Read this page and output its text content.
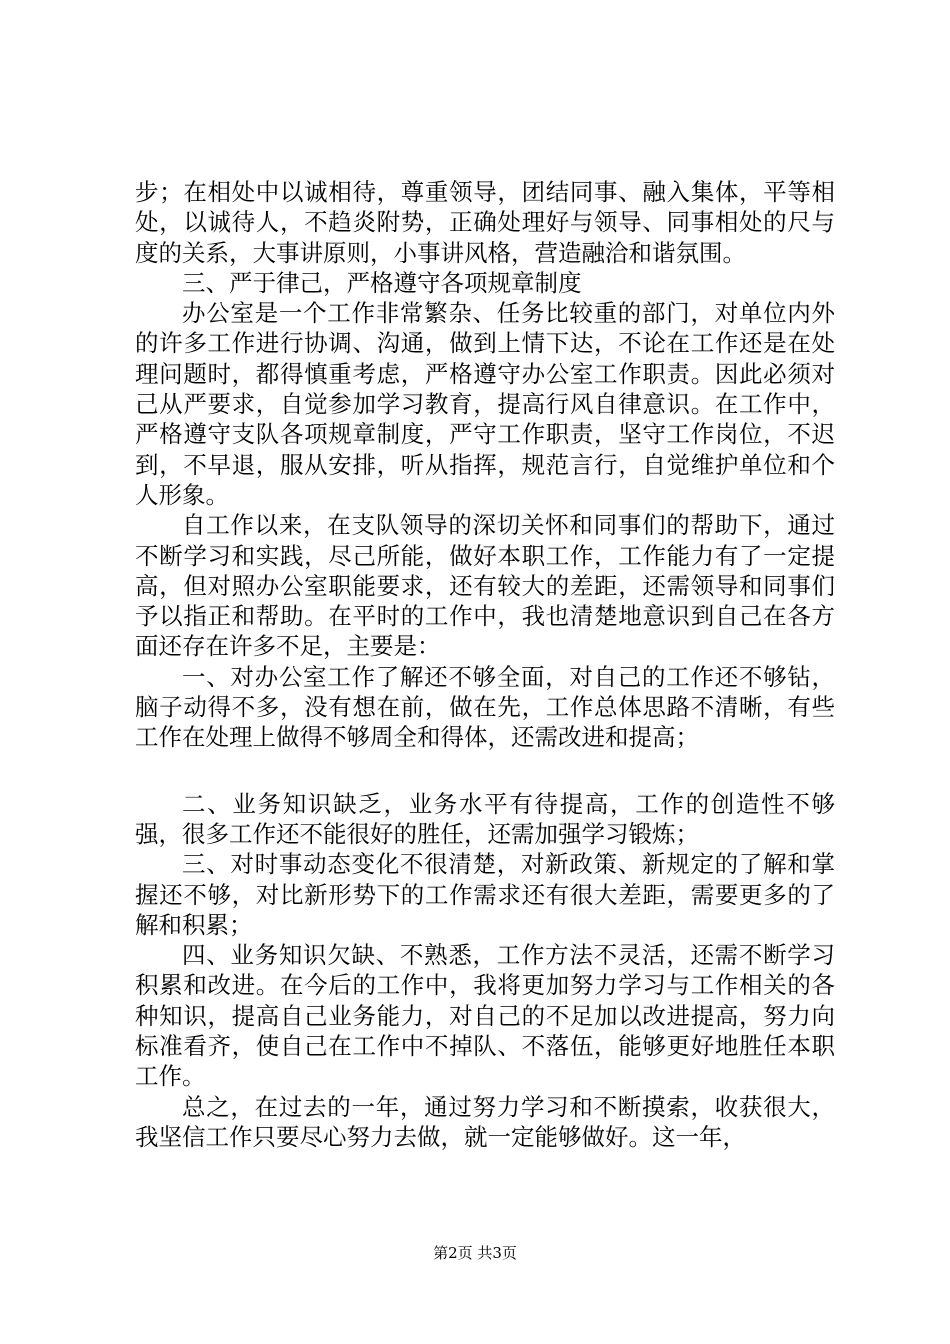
步；在相处中以诚相待，尊重领导，团结同事、融入集体，平等相处，以诚待人，不趋炎附势，正确处理好与领导、同事相处的尺与度的关系，大事讲原则，小事讲风格，营造融洽和谐氛围。

三、严于律己，严格遵守各项规章制度

办公室是一个工作非常繁杂、任务比较重的部门，对单位内外的许多工作进行协调、沟通，做到上情下达，不论在工作还是在处理问题时，都得慎重考虑，严格遵守办公室工作职责。因此必须对己从严要求，自觉参加学习教育，提高行风自律意识。在工作中，严格遵守支队各项规章制度，严守工作职责，坚守工作岗位，不迟到，不早退，服从安排，听从指挥，规范言行，自觉维护单位和个人形象。

自工作以来，在支队领导的深切关怀和同事们的帮助下，通过不断学习和实践，尽己所能，做好本职工作，工作能力有了一定提高，但对照办公室职能要求，还有较大的差距，还需领导和同事们予以指正和帮助。在平时的工作中，我也清楚地意识到自己在各方面还存在许多不足，主要是：

一、对办公室工作了解还不够全面，对自己的工作还不够钻，脑子动得不多，没有想在前，做在先，工作总体思路不清晰，有些工作在处理上做得不够周全和得体，还需改进和提高；

二、业务知识缺乏，业务水平有待提高，工作的创造性不够强，很多工作还不能很好的胜任，还需加强学习锻炼；

三、对时事动态变化不很清楚，对新政策、新规定的了解和掌握还不够，对比新形势下的工作需求还有很大差距，需要更多的了解和积累；

四、业务知识欠缺、不熟悉，工作方法不灵活，还需不断学习积累和改进。在今后的工作中，我将更加努力学习与工作相关的各种知识，提高自己业务能力，对自己的不足加以改进提高，努力向标准看齐，使自己在工作中不掉队、不落伍，能够更好地胜任本职工作。

总之，在过去的一年，通过努力学习和不断摸索，收获很大，我坚信工作只要尽心努力去做，就一定能够做好。这一年，

第2页 共3页
